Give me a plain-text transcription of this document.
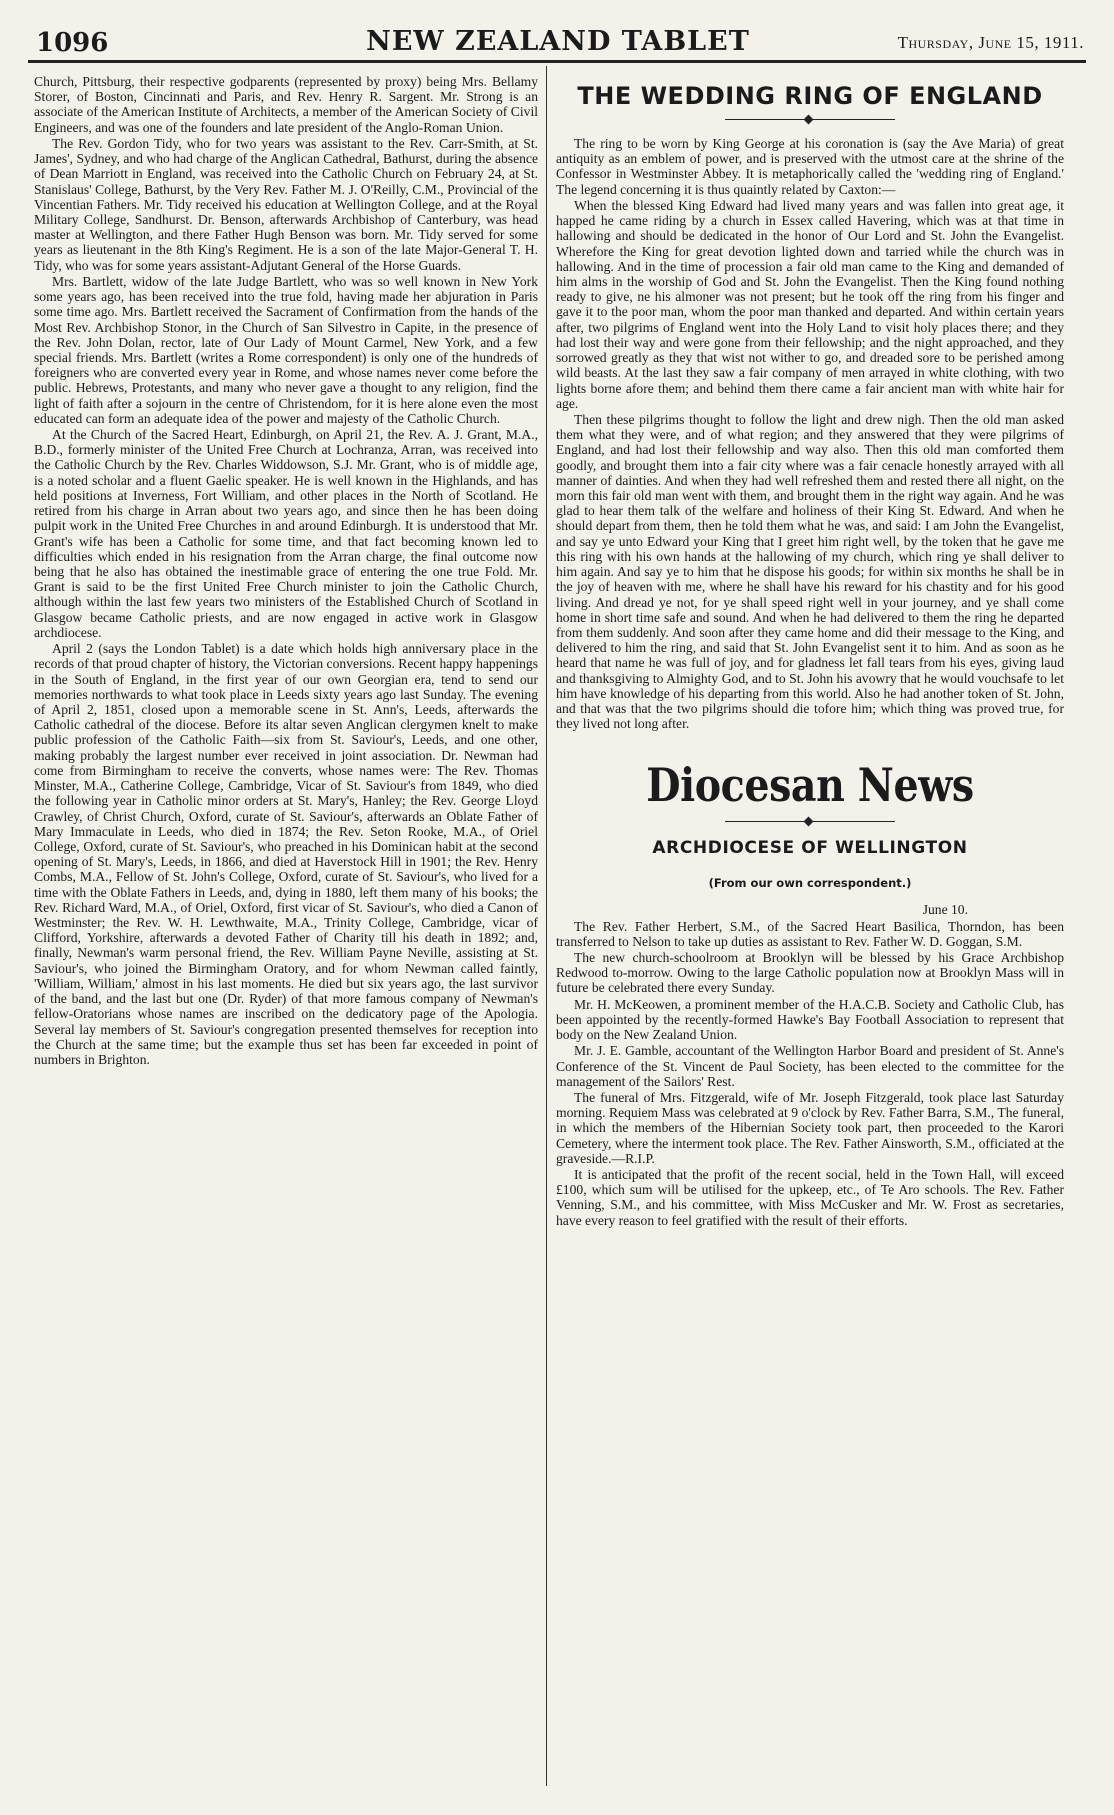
1096	NEW ZEALAND TABLET	Thursday, June 15, 1911.

Church, Pittsburg, their respective godparents (represented by proxy) being Mrs. Bellamy Storer, of Boston, Cincinnati and Paris, and Rev. Henry R. Sargent. Mr. Strong is an associate of the American Institute of Architects, a member of the American Society of Civil Engineers, and was one of the founders and late president of the Anglo-Roman Union.

The Rev. Gordon Tidy, who for two years was assistant to the Rev. Carr-Smith, at St. James', Sydney, and who had charge of the Anglican Cathedral, Bathurst, during the absence of Dean Marriott in England, was received into the Catholic Church on February 24, at St. Stanislaus' College, Bathurst, by the Very Rev. Father M. J. O'Reilly, C.M., Provincial of the Vincentian Fathers. Mr. Tidy received his education at Wellington College, and at the Royal Military College, Sandhurst. Dr. Benson, afterwards Archbishop of Canterbury, was head master at Wellington, and there Father Hugh Benson was born. Mr. Tidy served for some years as lieutenant in the 8th King's Regiment. He is a son of the late Major-General T. H. Tidy, who was for some years assistant-Adjutant General of the Horse Guards.

Mrs. Bartlett, widow of the late Judge Bartlett, who was so well known in New York some years ago, has been received into the true fold, having made her abjuration in Paris some time ago. Mrs. Bartlett received the Sacrament of Confirmation from the hands of the Most Rev. Archbishop Stonor, in the Church of San Silvestro in Capite, in the presence of the Rev. John Dolan, rector, late of Our Lady of Mount Carmel, New York, and a few special friends. Mrs. Bartlett (writes a Rome correspondent) is only one of the hundreds of foreigners who are converted every year in Rome, and whose names never come before the public. Hebrews, Protestants, and many who never gave a thought to any religion, find the light of faith after a sojourn in the centre of Christendom, for it is here alone even the most educated can form an adequate idea of the power and majesty of the Catholic Church.

At the Church of the Sacred Heart, Edinburgh, on April 21, the Rev. A. J. Grant, M.A., B.D., formerly minister of the United Free Church at Lochranza, Arran, was received into the Catholic Church by the Rev. Charles Widdowson, S.J. Mr. Grant, who is of middle age, is a noted scholar and a fluent Gaelic speaker. He is well known in the Highlands, and has held positions at Inverness, Fort William, and other places in the North of Scotland. He retired from his charge in Arran about two years ago, and since then he has been doing pulpit work in the United Free Churches in and around Edinburgh. It is understood that Mr. Grant's wife has been a Catholic for some time, and that fact becoming known led to difficulties which ended in his resignation from the Arran charge, the final outcome now being that he also has obtained the inestimable grace of entering the one true Fold. Mr. Grant is said to be the first United Free Church minister to join the Catholic Church, although within the last few years two ministers of the Established Church of Scotland in Glasgow became Catholic priests, and are now engaged in active work in Glasgow archdiocese.

April 2 (says the London Tablet) is a date which holds high anniversary place in the records of that proud chapter of history, the Victorian conversions. Recent happy happenings in the South of England, in the first year of our own Georgian era, tend to send our memories northwards to what took place in Leeds sixty years ago last Sunday. The evening of April 2, 1851, closed upon a memorable scene in St. Ann's, Leeds, afterwards the Catholic cathedral of the diocese. Before its altar seven Anglican clergymen knelt to make public profession of the Catholic Faith—six from St. Saviour's, Leeds, and one other, making probably the largest number ever received in joint association. Dr. Newman had come from Birmingham to receive the converts, whose names were: The Rev. Thomas Minster, M.A., Catherine College, Cambridge, Vicar of St. Saviour's from 1849, who died the following year in Catholic minor orders at St. Mary's, Hanley; the Rev. George Lloyd Crawley, of Christ Church, Oxford, curate of St. Saviour's, afterwards an Oblate Father of Mary Immaculate in Leeds, who died in 1874; the Rev. Seton Rooke, M.A., of Oriel College, Oxford, curate of St. Saviour's, who preached in his Dominican habit at the second opening of St. Mary's, Leeds, in 1866, and died at Haverstock Hill in 1901; the Rev. Henry Combs, M.A., Fellow of St. John's College, Oxford, curate of St. Saviour's, who lived for a time with the Oblate Fathers in Leeds, and, dying in 1880, left them many of his books; the Rev. Richard Ward, M.A., of Oriel, Oxford, first vicar of St. Saviour's, who died a Canon of Westminster; the Rev. W. H. Lewthwaite, M.A., Trinity College, Cambridge, vicar of Clifford, Yorkshire, afterwards a devoted Father of Charity till his death in 1892; and, finally, Newman's warm personal friend, the Rev. William Payne Neville, assisting at St. Saviour's, who joined the Birmingham Oratory, and for whom Newman called faintly, 'William, William,' almost in his last moments. He died but six years ago, the last survivor of the band, and the last but one (Dr. Ryder) of that more famous company of Newman's fellow-Oratorians whose names are inscribed on the dedicatory page of the Apologia. Several lay members of St. Saviour's congregation presented themselves for reception into the Church at the same time; but the example thus set has been far exceeded in point of numbers in Brighton.

THE WEDDING RING OF ENGLAND

The ring to be worn by King George at his coronation is (say the Ave Maria) of great antiquity as an emblem of power, and is preserved with the utmost care at the shrine of the Confessor in Westminster Abbey. It is metaphorically called the 'wedding ring of England.' The legend concerning it is thus quaintly related by Caxton:—

When the blessed King Edward had lived many years and was fallen into great age, it happed he came riding by a church in Essex called Havering, which was at that time in hallowing and should be dedicated in the honor of Our Lord and St. John the Evangelist. Wherefore the King for great devotion lighted down and tarried while the church was in hallowing. And in the time of procession a fair old man came to the King and demanded of him alms in the worship of God and St. John the Evangelist. Then the King found nothing ready to give, ne his almoner was not present; but he took off the ring from his finger and gave it to the poor man, whom the poor man thanked and departed. And within certain years after, two pilgrims of England went into the Holy Land to visit holy places there; and they had lost their way and were gone from their fellowship; and the night approached, and they sorrowed greatly as they that wist not wither to go, and dreaded sore to be perished among wild beasts. At the last they saw a fair company of men arrayed in white clothing, with two lights borne afore them; and behind them there came a fair ancient man with white hair for age.

Then these pilgrims thought to follow the light and drew nigh. Then the old man asked them what they were, and of what region; and they answered that they were pilgrims of England, and had lost their fellowship and way also. Then this old man comforted them goodly, and brought them into a fair city where was a fair cenacle honestly arrayed with all manner of dainties. And when they had well refreshed them and rested there all night, on the morn this fair old man went with them, and brought them in the right way again. And he was glad to hear them talk of the welfare and holiness of their King St. Edward. And when he should depart from them, then he told them what he was, and said: I am John the Evangelist, and say ye unto Edward your King that I greet him right well, by the token that he gave me this ring with his own hands at the hallowing of my church, which ring ye shall deliver to him again. And say ye to him that he dispose his goods; for within six months he shall be in the joy of heaven with me, where he shall have his reward for his chastity and for his good living. And dread ye not, for ye shall speed right well in your journey, and ye shall come home in short time safe and sound. And when he had delivered to them the ring he departed from them suddenly. And soon after they came home and did their message to the King, and delivered to him the ring, and said that St. John Evangelist sent it to him. And as soon as he heard that name he was full of joy, and for gladness let fall tears from his eyes, giving laud and thanksgiving to Almighty God, and to St. John his avowry that he would vouchsafe to let him have knowledge of his departing from this world. Also he had another token of St. John, and that was that the two pilgrims should die tofore him; which thing was proved true, for they lived not long after.

Diocesan News
ARCHDIOCESE OF WELLINGTON
(From our own correspondent.)
June 10.

The Rev. Father Herbert, S.M., of the Sacred Heart Basilica, Thorndon, has been transferred to Nelson to take up duties as assistant to Rev. Father W. D. Goggan, S.M.

The new church-schoolroom at Brooklyn will be blessed by his Grace Archbishop Redwood to-morrow. Owing to the large Catholic population now at Brooklyn Mass will in future be celebrated there every Sunday.

Mr. H. McKeowen, a prominent member of the H.A.C.B. Society and Catholic Club, has been appointed by the recently-formed Hawke's Bay Football Association to represent that body on the New Zealand Union.

Mr. J. E. Gamble, accountant of the Wellington Harbor Board and president of St. Anne's Conference of the St. Vincent de Paul Society, has been elected to the committee for the management of the Sailors' Rest.

The funeral of Mrs. Fitzgerald, wife of Mr. Joseph Fitzgerald, took place last Saturday morning. Requiem Mass was celebrated at 9 o'clock by Rev. Father Barra, S.M., The funeral, in which the members of the Hibernian Society took part, then proceeded to the Karori Cemetery, where the interment took place. The Rev. Father Ainsworth, S.M., officiated at the graveside.—R.I.P.

It is anticipated that the profit of the recent social, held in the Town Hall, will exceed £100, which sum will be utilised for the upkeep, etc., of Te Aro schools. The Rev. Father Venning, S.M., and his committee, with Miss McCusker and Mr. W. Frost as secretaries, have every reason to feel gratified with the result of their efforts.
